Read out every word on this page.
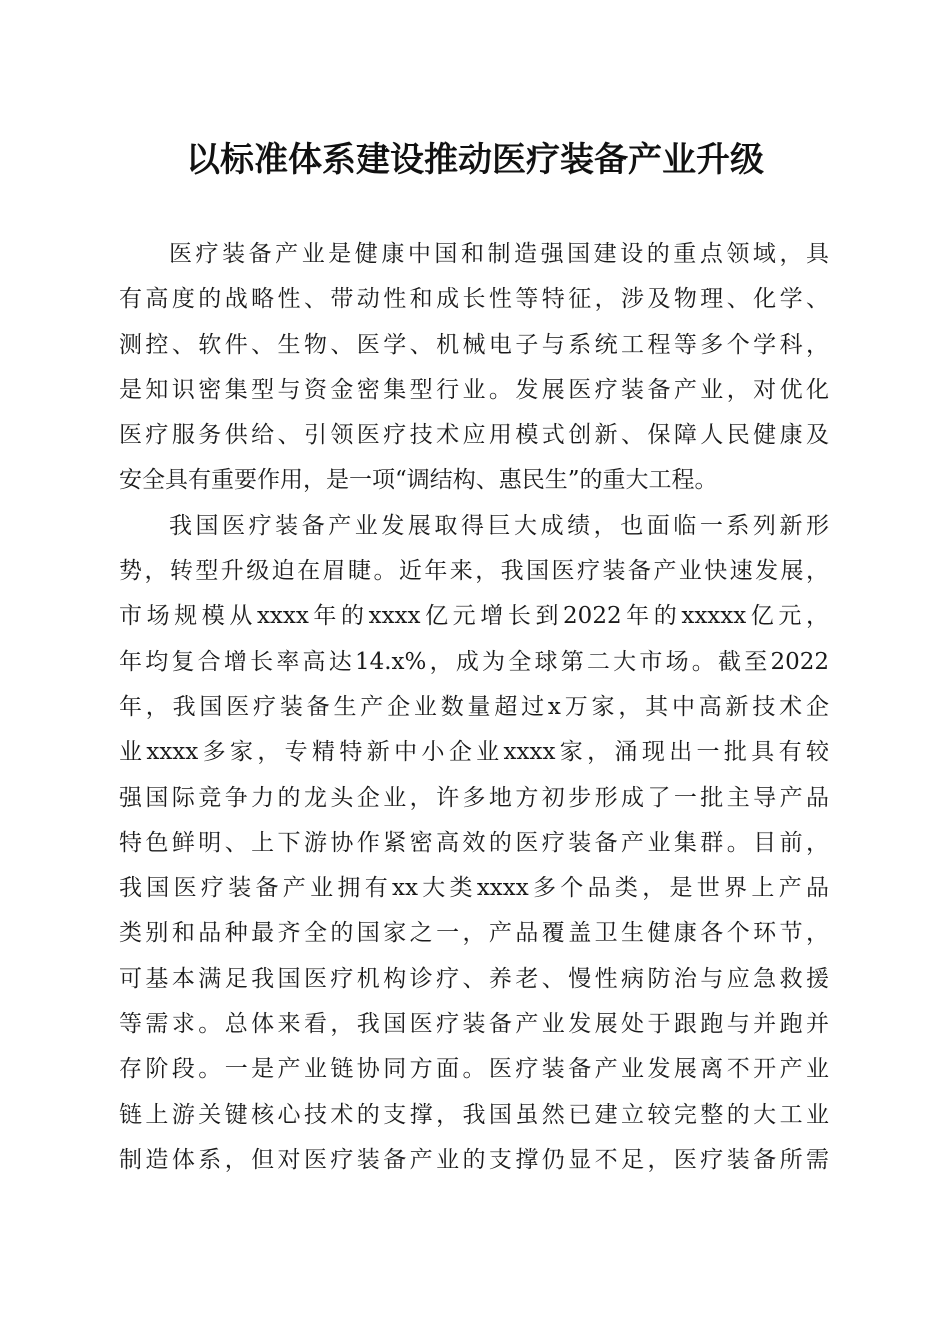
以标准体系建设推动医疗装备产业升级
医疗装备产业是健康中国和制造强国建设的重点领域，具
有高度的战略性、带动性和成长性等特征，涉及物理、化学、
测控、软件、生物、医学、机械电子与系统工程等多个学科，
是知识密集型与资金密集型行业。发展医疗装备产业，对优化
医疗服务供给、引领医疗技术应用模式创新、保障人民健康及
安全具有重要作用，是一项“调结构、惠民生”的重大工程。
我国医疗装备产业发展取得巨大成绩，也面临一系列新形
势，转型升级迫在眉睫。近年来，我国医疗装备产业快速发展，
市场规模从xxxx年的xxxx亿元增长到2022年的xxxxx亿元，
年均复合增长率高达14.x%，成为全球第二大市场。截至2022
年，我国医疗装备生产企业数量超过x万家，其中高新技术企
业xxxx多家，专精特新中小企业xxxx家，涌现出一批具有较
强国际竞争力的龙头企业，许多地方初步形成了一批主导产品
特色鲜明、上下游协作紧密高效的医疗装备产业集群。目前，
我国医疗装备产业拥有xx大类xxxx多个品类，是世界上产品
类别和品种最齐全的国家之一，产品覆盖卫生健康各个环节，
可基本满足我国医疗机构诊疗、养老、慢性病防治与应急救援
等需求。总体来看，我国医疗装备产业发展处于跟跑与并跑并
存阶段。一是产业链协同方面。医疗装备产业发展离不开产业
链上游关键核心技术的支撑，我国虽然已建立较完整的大工业
制造体系，但对医疗装备产业的支撑仍显不足，医疗装备所需
